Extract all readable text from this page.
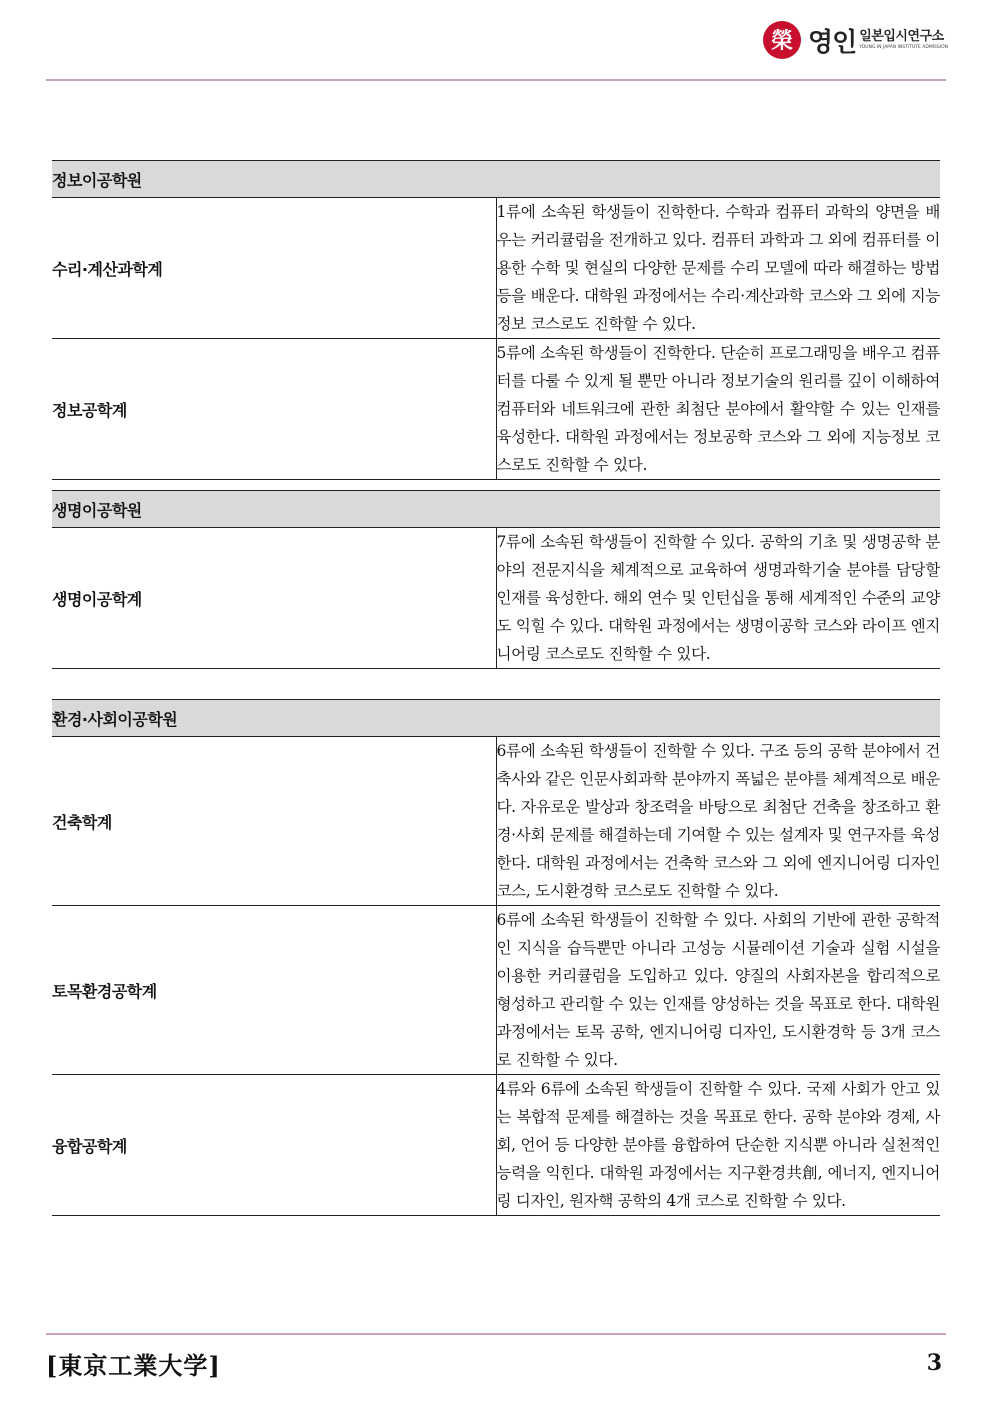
榮 영인 일본입시연구소
YOUNG IN JAPAN INSTITUTE ADMISSION
정보이공학원	
수리·계산과학계	1류에 소속된 학생들이 진학한다. 수학과 컴퓨터 과학의 양면을 배우는 커리큘럼을 전개하고 있다. 컴퓨터 과학과 그 외에 컴퓨터를 이용한 수학 및 현실의 다양한 문제를 수리 모델에 따라 해결하는 방법 등을 배운다. 대학원 과정에서는 수리·계산과학 코스와 그 외에 지능정보 코스로도 진학할 수 있다.
정보공학계	5류에 소속된 학생들이 진학한다. 단순히 프로그래밍을 배우고 컴퓨터를 다룰 수 있게 될 뿐만 아니라 정보기술의 원리를 깊이 이해하여 컴퓨터와 네트워크에 관한 최첨단 분야에서 활약할 수 있는 인재를 육성한다. 대학원 과정에서는 정보공학 코스와 그 외에 지능정보 코스로도 진학할 수 있다.
생명이공학원
생명이공학계	7류에 소속된 학생들이 진학할 수 있다. 공학의 기초 및 생명공학 분야의 전문지식을 체계적으로 교육하여 생명과학기술 분야를 담당할 인재를 육성한다. 해외 연수 및 인턴십을 통해 세계적인 수준의 교양도 익힐 수 있다. 대학원 과정에서는 생명이공학 코스와 라이프 엔지니어링 코스로도 진학할 수 있다.
환경·사회이공학원	
건축학계	6류에 소속된 학생들이 진학할 수 있다. 구조 등의 공학 분야에서 건축사와 같은 인문사회과학 분야까지 폭넓은 분야를 체계적으로 배운다. 자유로운 발상과 창조력을 바탕으로 최첨단 건축을 창조하고 환경·사회 문제를 해결하는데 기여할 수 있는 설계자 및 연구자를 육성한다. 대학원 과정에서는 건축학 코스와 그 외에 엔지니어링 디자인 코스, 도시환경학 코스로도 진학할 수 있다.
토목환경공학계	6류에 소속된 학생들이 진학할 수 있다. 사회의 기반에 관한 공학적인 지식을 습득뿐만 아니라 고성능 시뮬레이션 기술과 실험 시설을 이용한 커리큘럼을 도입하고 있다. 양질의 사회자본을 합리적으로 형성하고 관리할 수 있는 인재를 양성하는 것을 목표로 한다. 대학원 과정에서는 토목 공학, 엔지니어링 디자인, 도시환경학 등 3개 코스로 진학할 수 있다.
융합공학계	4류와 6류에 소속된 학생들이 진학할 수 있다. 국제 사회가 안고 있는 복합적 문제를 해결하는 것을 목표로 한다. 공학 분야와 경제, 사회, 언어 등 다양한 분야를 융합하여 단순한 지식뿐 아니라 실천적인 능력을 익힌다. 대학원 과정에서는 지구환경共創, 에너지, 엔지니어링 디자인, 원자핵 공학의 4개 코스로 진학할 수 있다.
[東京工業大学]	3
